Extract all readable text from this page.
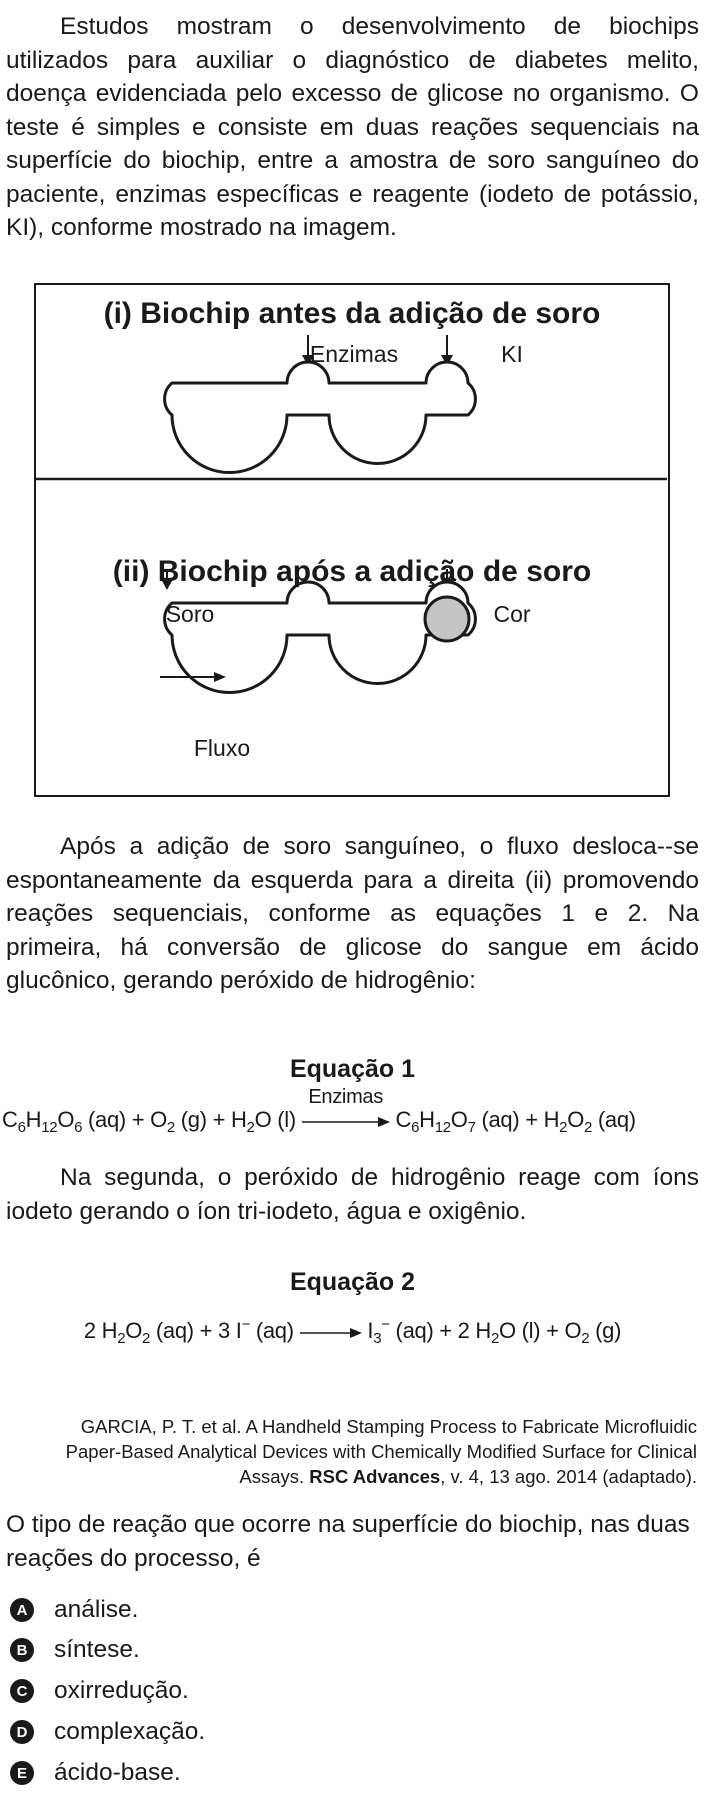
Estudos mostram o desenvolvimento de biochips utilizados para auxiliar o diagnóstico de diabetes melito, doença evidenciada pelo excesso de glicose no organismo. O teste é simples e consiste em duas reações sequenciais na superfície do biochip, entre a amostra de soro sanguíneo do paciente, enzimas específicas e reagente (iodeto de potássio, KI), conforme mostrado na imagem.

(i) Biochip antes da adição de soro
Enzimas	KI
(ii) Biochip após a adição de soro
Soro	Cor
Fluxo

Após a adição de soro sanguíneo, o fluxo desloca--se espontaneamente da esquerda para a direita (ii) promovendo reações sequenciais, conforme as equações 1 e 2. Na primeira, há conversão de glicose do sangue em ácido glucônico, gerando peróxido de hidrogênio:

Equação 1
$C_6H_{12}O_6$ $(aq) + O_2$ $(g) + H_2O$ (l)
Enzimas
$C_6H_{12}O_7$ $(aq) + H_2O_2$ (aq)

Na segunda, o peróxido de hidrogênio reage com íons iodeto gerando o íon tri-iodeto, água e oxigênio.

Equação 2
2 $H_2O_2$ (aq) + 3 I− $(aq) \to I_3^-$ (aq) + 2 $H_2O$ $(l) + O_2$ (g)
GARCIA, P. T. et al. A Handheld Stamping Process to Fabricate Microfluidic Paper-Based Analytical Devices with Chemically Modified Surface for Clinical Assays. RSC Advances, v. 4, 13 ago. 2014 (adaptado).

O tipo de reação que ocorre na superfície do biochip, nas duas reações do processo, é

A análise.
B síntese.
C oxirredução.
D complexação.
E ácido-base.
